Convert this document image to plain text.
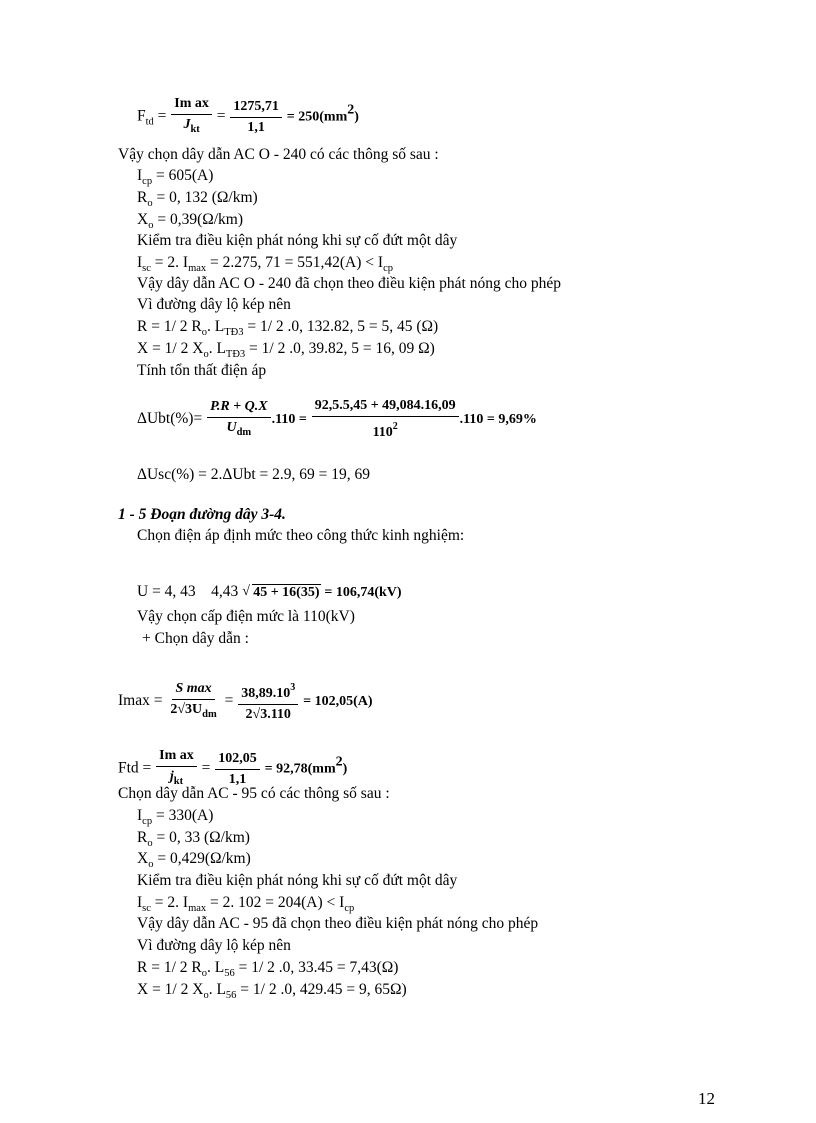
$F_{td} = \frac{\text{Im ax}}{J_{kt}} = \frac{1275,71}{1,1} = 250(mm2)$
Vậy chọn dây dẫn AC O - 240 có các thông số sau :
$I_{cp} = 605(A)$
$R_o = 0$, 132 (Ω/km)
$X_o = 0,39(\Omega/km)$
Kiểm tra điều kiện phát nóng khi sự cố đứt một dây
$I_{sc} = 2$. $I_{max} = 2.275$, $71 = 551,42(A) < I_{cp}$
Vậy dây dẫn AC O - 240 đã chọn theo điều kiện phát nóng cho phép
Vì đường dây lộ kép nên
R = 1/ 2 $R_o$. $L_{TĐ3} = 1/$ 2 .0, 132.82, 5 = 5, 45 (Ω)
X = 1/ 2 $X_o$. $L_{TĐ3} = 1/$ 2 .0, 39.82, 5 = 16, 09 Ω)
Tính tổn thất điện áp
$\Delta Ubt(\%)= \frac{P.R + Q.X}{U_{dm}} .110 = \frac{92,5.5,45 + 49,084.16,09}{110^2} .110 = 9,69\%$
ΔUsc(%) = 2.ΔUbt = 2.9, 69 = 19, 69
1 - 5 Đoạn đường dây 3-4.
Chọn điện áp định mức theo công thức kinh nghiệm:
U = 4, 43    4,43 √ 45 + 16(35) = 106,74(kV)
Vậy chọn cấp điện mức là 110(kV)
+ Chọn dây dẫn :
$Imax = \frac{\text{S max}}{2√3U_{dm}} = \frac{38,89.10^3}{2√3.110} = 102,05(A)$
Ftd = $\frac{\text{Im ax}}{j_{kt}} = \frac{102,05}{1,1} = 92,78(mm2)$
Chọn dây dẫn AC - 95 có các thông số sau :
$I_{cp} = 330(A)$
$R_o = 0$, 33 (Ω/km)
$X_o = 0,429(\Omega/km)$
Kiểm tra điều kiện phát nóng khi sự cố đứt một dây
$I_{sc} = 2$. $I_{max} = 2$. $102 = 204(A) < I_{cp}$
Vậy dây dẫn AC - 95 đã chọn theo điều kiện phát nóng cho phép
Vì đường dây lộ kép nên
R = 1/ 2 $R_o$. $L_{56} = 1/$ 2 .0, 33.45 = 7,43(Ω)
X = 1/ 2 $X_o$. $L_{56} = 1/$ 2 .0, 429.45 = 9, 65Ω)
12
